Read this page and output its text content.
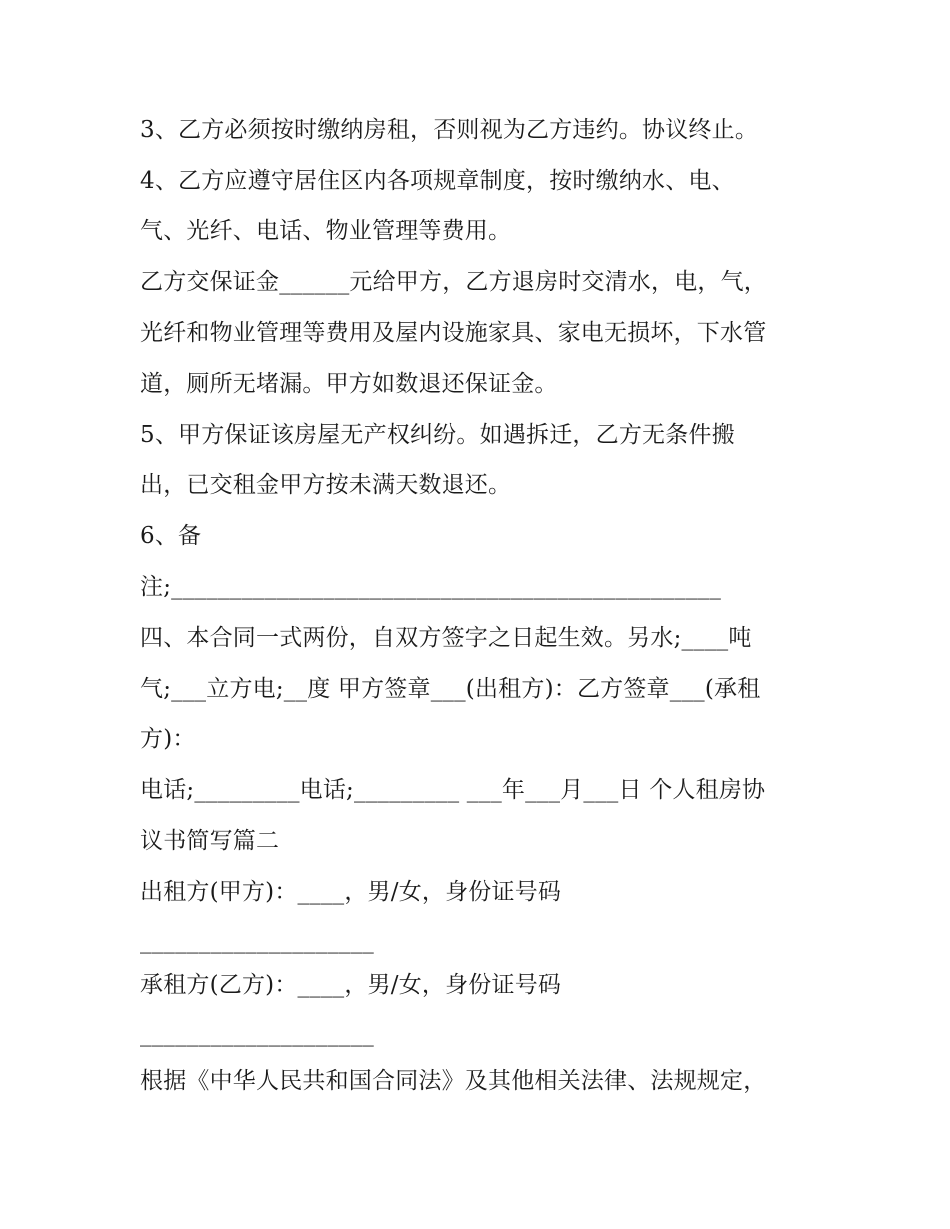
3、乙方必须按时缴纳房租，否则视为乙方违约。协议终止。
4、乙方应遵守居住区内各项规章制度，按时缴纳水、电、
气、光纤、电话、物业管理等费用。
乙方交保证金______元给甲方，乙方退房时交清水，电，气，
光纤和物业管理等费用及屋内设施家具、家电无损坏，下水管
道，厕所无堵漏。甲方如数退还保证金。
5、甲方保证该房屋无产权纠纷。如遇拆迁，乙方无条件搬
出，已交租金甲方按未满天数退还。
6、备
注;_______________________________________________
四、本合同一式两份，自双方签字之日起生效。另水;____吨
气;___立方电;__度 甲方签章___(出租方)：乙方签章___(承租
方)：
电话;_________电话;_________ ___年___月___日 个人租房协
议书简写篇二
出租方(甲方)：____，男/女，身份证号码
____________________
承租方(乙方)：____，男/女，身份证号码
____________________
根据《中华人民共和国合同法》及其他相关法律、法规规定，
